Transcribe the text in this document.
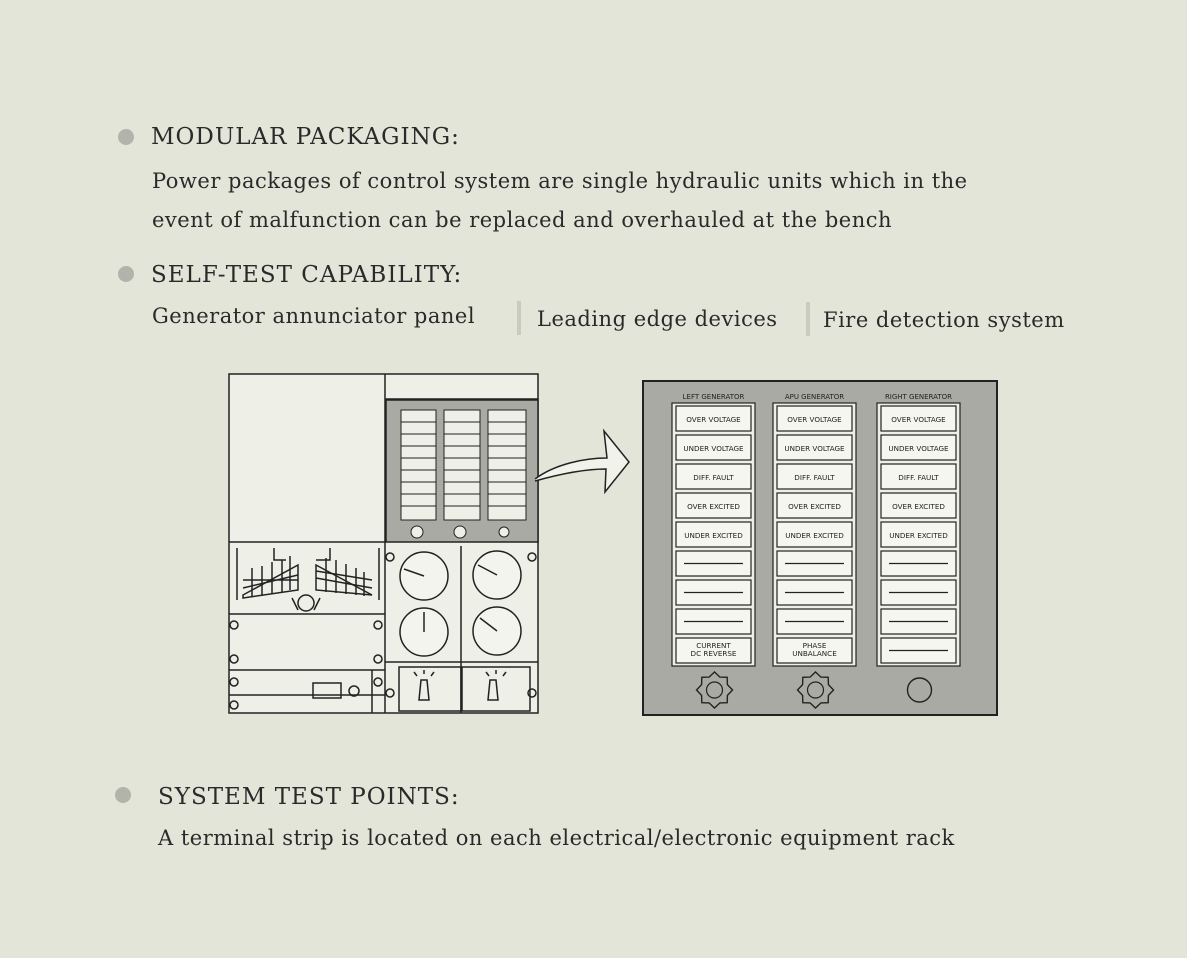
MODULAR PACKAGING:
Power packages of control system are single hydraulic units which in the
event of malfunction can be replaced and overhauled at the bench
SELF-TEST CAPABILITY:
Generator annunciator panel	Leading edge devices Fire detection system
SYSTEM TEST POINTS:
A terminal strip is located on each electrical/electronic equipment rack
LEFT GENERATOR
OVER VOLTAGE
UNDER VOLTAGE
DIFF. FAULT
OVER EXCITED
UNDER EXCITED
CURRENT
DC REVERSE
APU GENERATOR
OVER VOLTAGE
UNDER VOLTAGE
DIFF. FAULT
OVER EXCITED
UNDER EXCITED
PHASE
UNBALANCE
RIGHT GENERATOR
OVER VOLTAGE
UNDER VOLTAGE
DIFF. FAULT
OVER EXCITED
UNDER EXCITED
